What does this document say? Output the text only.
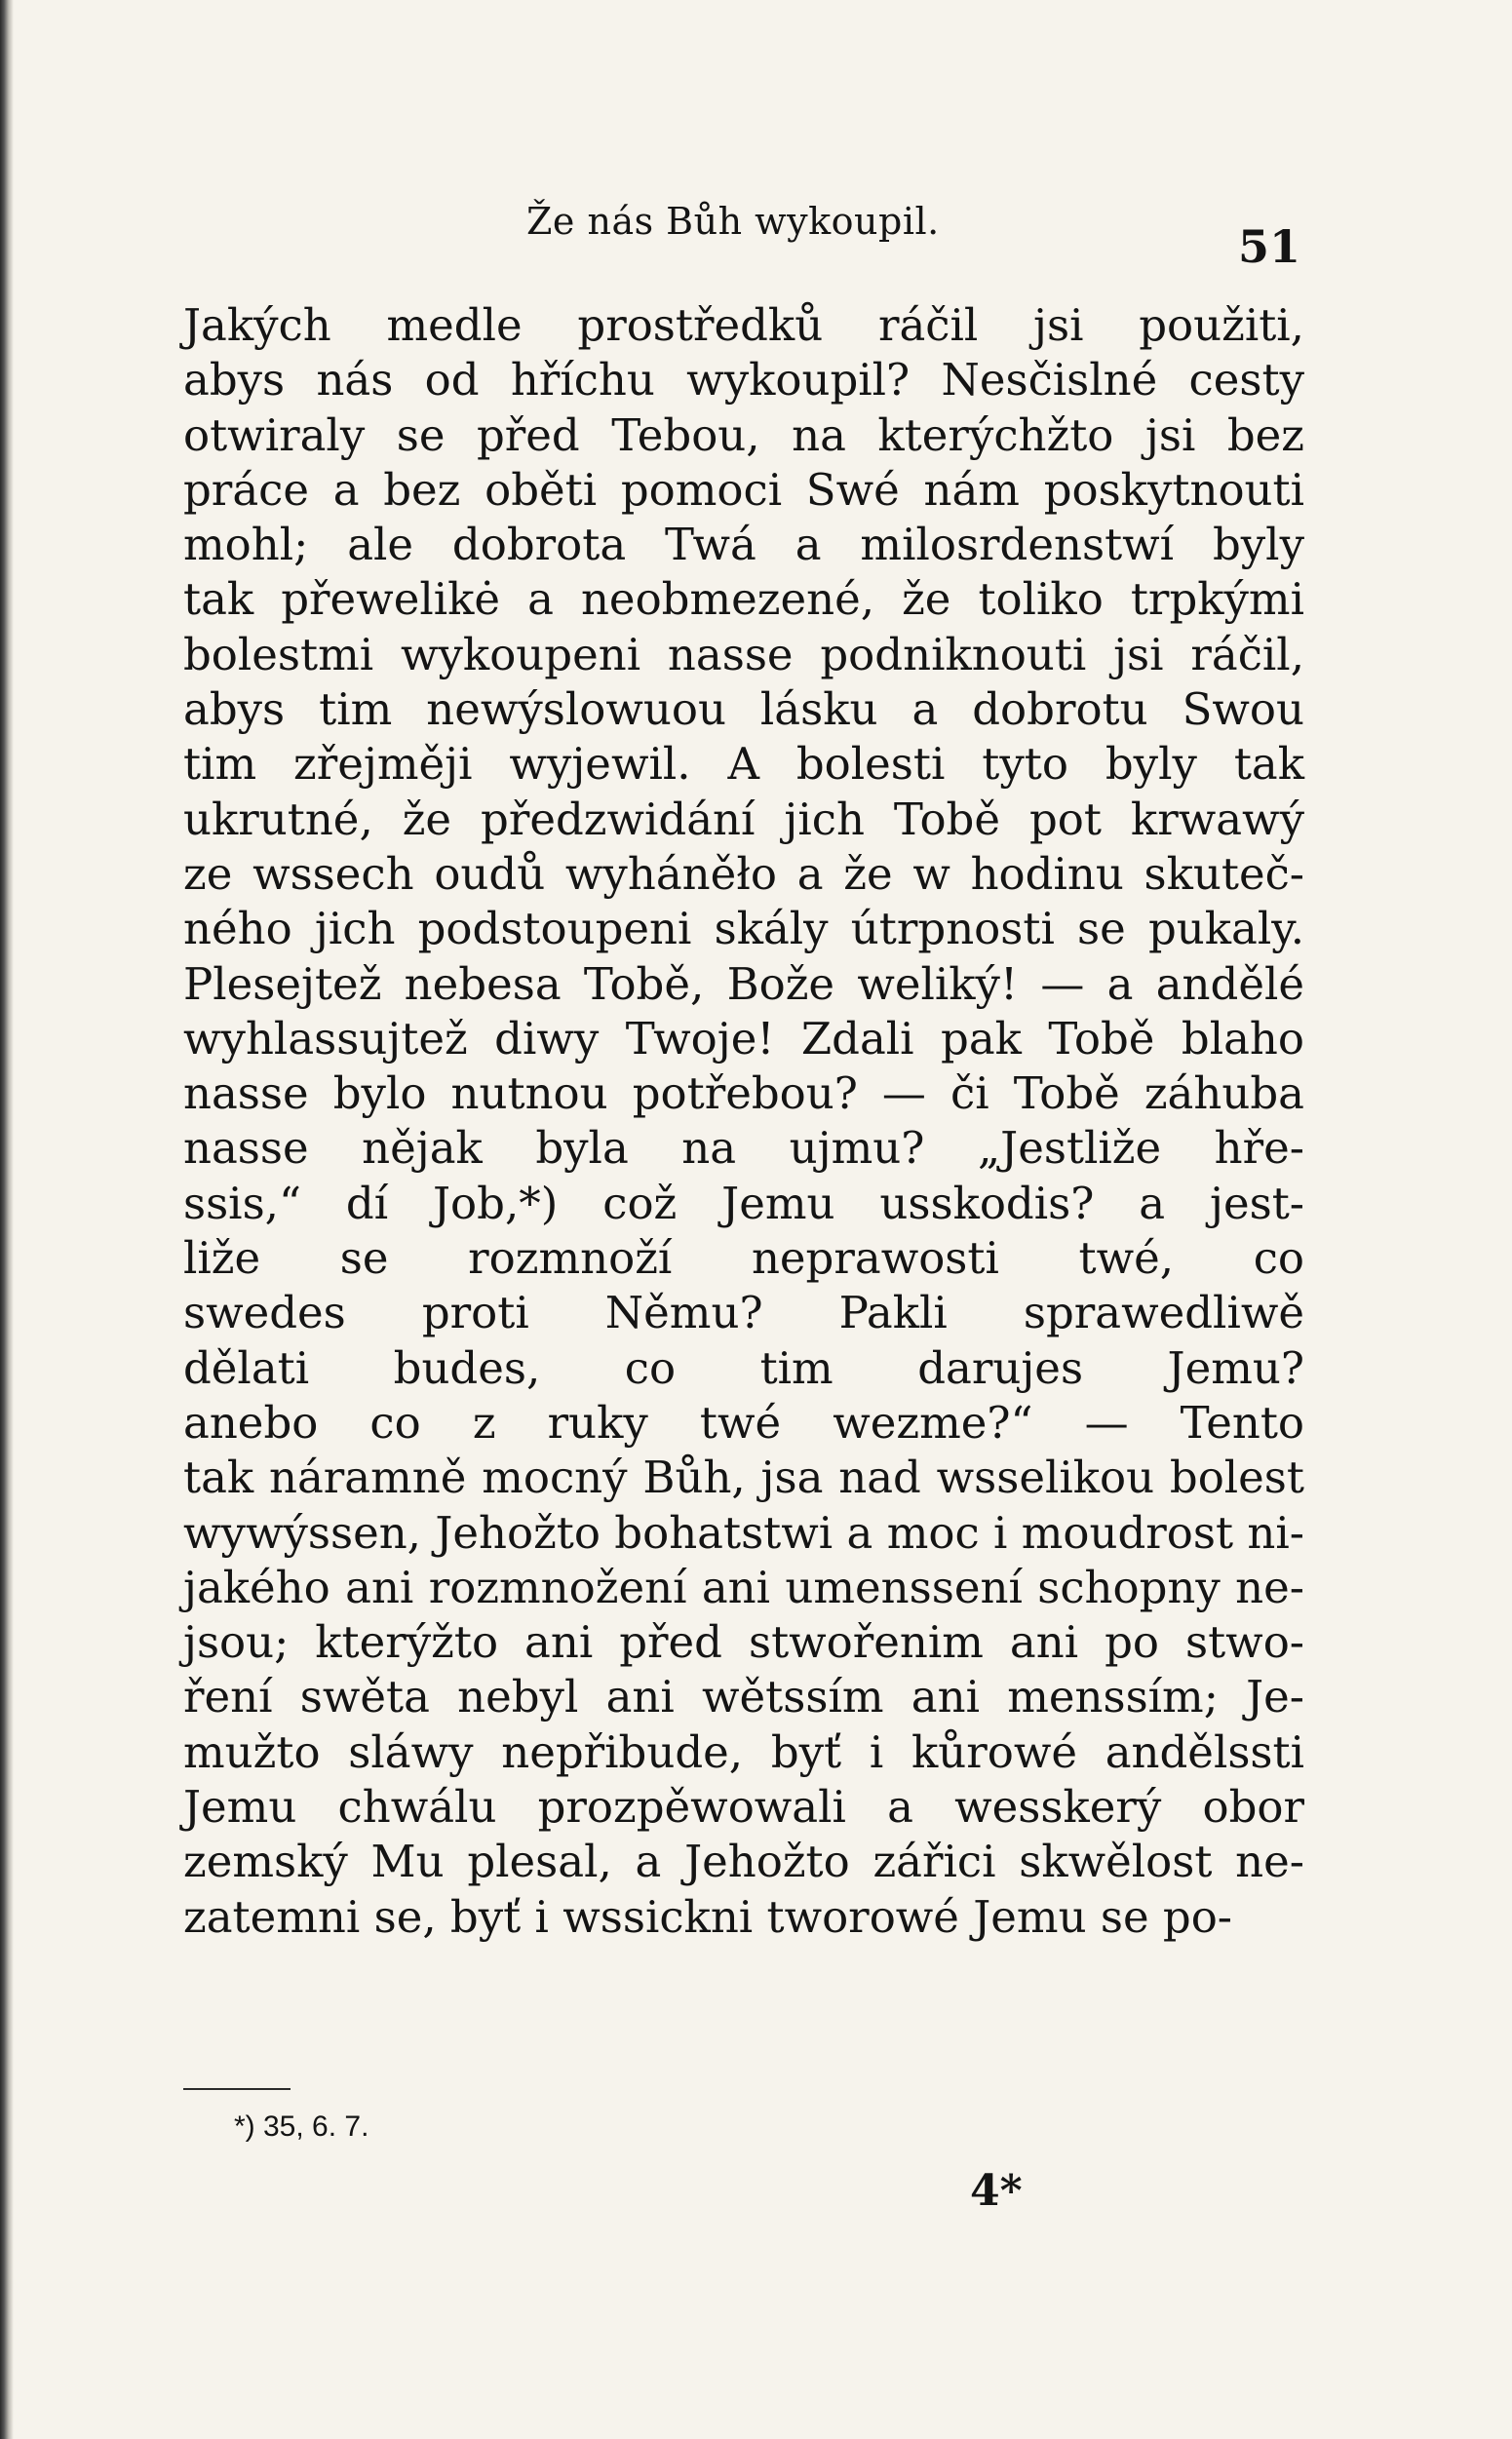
Že nás Bůh wykoupil.	51
Jakých medle prostředků ráčil jsi použiti,
abys nás od hříchu wykoupil? Nesčislné cesty
otwiraly se před Tebou, na kterýchžto jsi bez
práce a bez oběti pomoci Swé nám poskytnouti
mohl; ale dobrota Twá a milosrdenstwí byly
tak přewelikė a neobmezené, že toliko trpkými
bolestmi wykoupeni nasse podniknouti jsi ráčil,
abys tim newýslowuou lásku a dobrotu Swou
tim zřejměji wyjewil. A bolesti tyto byly tak
ukrutné, že předzwidání jich Tobě pot krwawý
ze wssech oudů wyháněło a že w hodinu skuteč-
ného jich podstoupeni skály útrpnosti se pukaly.
Plesejtež nebesa Tobě, Bože weliký! — a andělé
wyhlassujtež diwy Twoje! Zdali pak Tobě blaho
nasse bylo nutnou potřebou? — či Tobě záhuba
nasse nějak byla na ujmu? „Jestliže hře-
ssis,“ dí Job,*) což Jemu usskodis? a jest-
liže se rozmnoží neprawosti twé, co
swedes proti Němu? Pakli sprawedliwě
dělati budes, co tim darujes Jemu?
anebo co z ruky twé wezme?“ — Tento
tak náramně mocný Bůh, jsa nad wsselikou bolest
wywýssen, Jehožto bohatstwi a moc i moudrost ni-
jakého ani rozmnožení ani umenssení schopny ne-
jsou; kterýžto ani před stwořenim ani po stwo-
ření swěta nebyl ani wětssím ani menssím; Je-
mužto sláwy nepřibude, byť i kůrowé andělssti
Jemu chwálu prozpěwowali a wesskerý obor
zemský Mu plesal, a Jehožto zářici skwělost ne-
zatemni se, byť i wssickni tworowé Jemu se po-
*) 35, 6. 7.
4*
